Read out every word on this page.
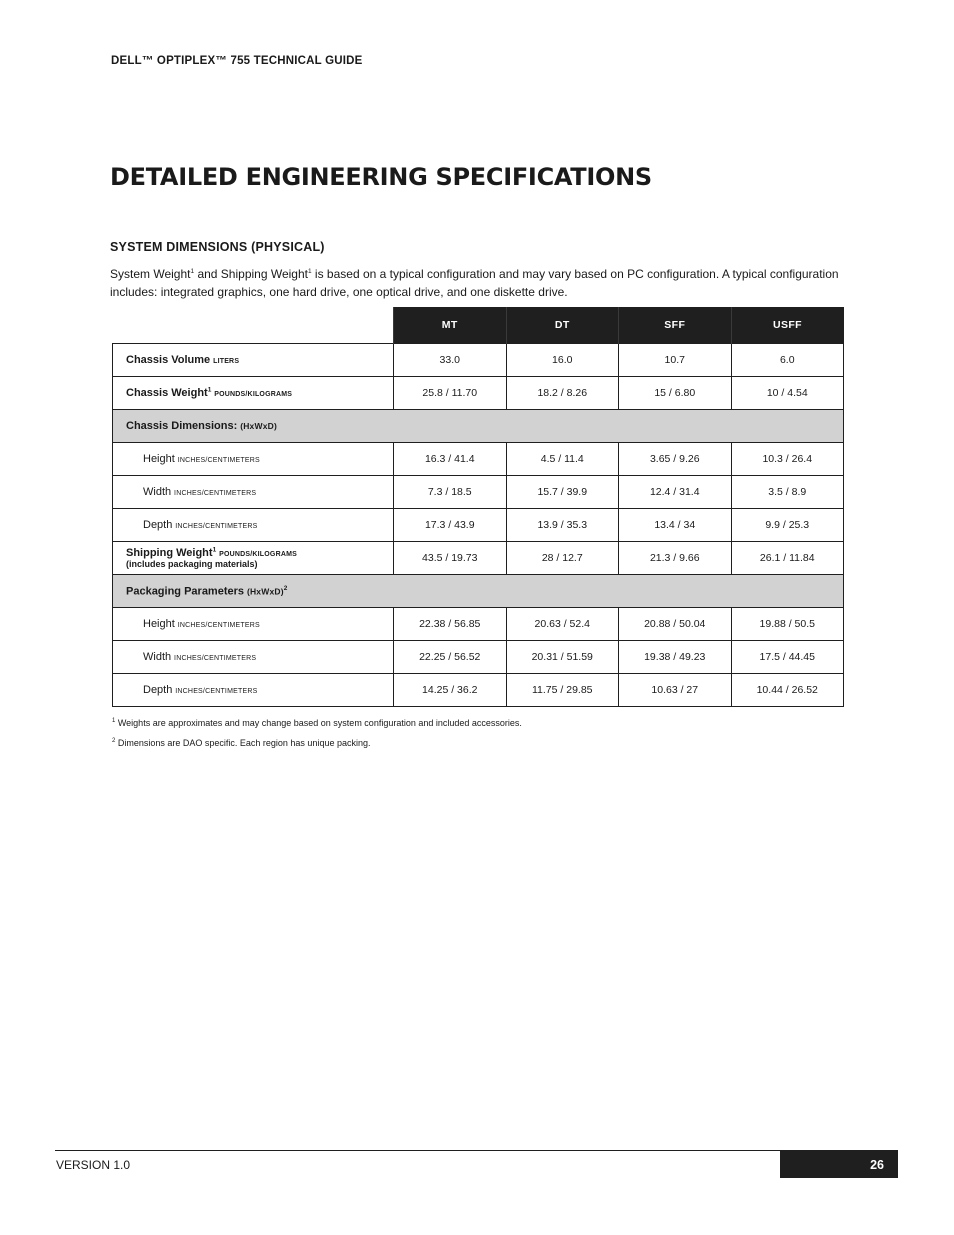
DELL™ OPTIPLEX™ 755 TECHNICAL GUIDE
DETAILED ENGINEERING SPECIFICATIONS
SYSTEM DIMENSIONS (PHYSICAL)

System Weight$^1$ and Shipping Weight$^1$ is based on a typical configuration and may vary based on PC configuration. A typical configuration includes: integrated graphics, one hard drive, one optical drive, and one diskette drive.

	MT	DT	SFF	USFF
Chassis Volume LITERS	33.0	16.0	10.7	6.0
Chassis Weight$^1$ POUNDS/KILOGRAMS	25.8 / 11.70	18.2 / 8.26	15 / 6.80	10 / 4.54
Chassis Dimensions: (HxWxD)				
Height INCHES/CENTIMETERS	16.3 / 41.4	4.5 / 11.4	3.65 / 9.26	10.3 / 26.4
Width INCHES/CENTIMETERS	7.3 / 18.5	15.7 / 39.9	12.4 / 31.4	3.5 / 8.9
Depth INCHES/CENTIMETERS	17.3 / 43.9	13.9 / 35.3	13.4 / 34	9.9 / 25.3
Shipping Weight$^1$ POUNDS/KILOGRAMS
(includes packaging materials)	43.5 / 19.73	28 / 12.7	21.3 / 9.66	26.1 / 11.84
Packaging Parameters (HxWxD)$^2$
Height INCHES/CENTIMETERS	22.38 / 56.85	20.63 / 52.4	20.88 / 50.04	19.88 / 50.5
Width INCHES/CENTIMETERS	22.25 / 56.52	20.31 / 51.59	19.38 / 49.23	17.5 / 44.45
Depth INCHES/CENTIMETERS	14.25 / 36.2	11.75 / 29.85	10.63 / 27	10.44 / 26.52
$^1$ Weights are approximates and may change based on system configuration and included accessories.
$^2$ Dimensions are DAO specific. Each region has unique packing.
VERSION 1.0	26
